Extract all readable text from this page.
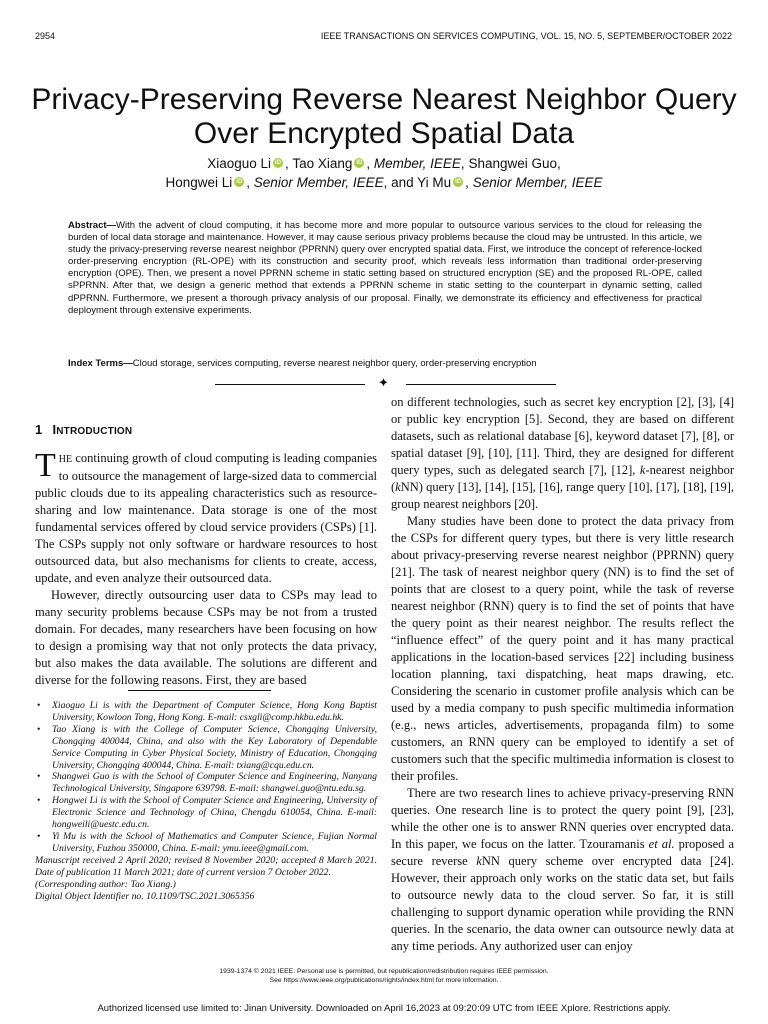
2954	IEEE TRANSACTIONS ON SERVICES COMPUTING, VOL. 15, NO. 5, SEPTEMBER/OCTOBER 2022
Privacy-Preserving Reverse Nearest Neighbor Query Over Encrypted Spatial Data
Xiaoguo Li iD , Tao Xiang iD , Member, IEEE, Shangwei Guo,
Hongwei Li iD , Senior Member, IEEE, and Yi Mu iD , Senior Member, IEEE
Abstract—With the advent of cloud computing, it has become more and more popular to outsource various services to the cloud for releasing the burden of local data storage and maintenance. However, it may cause serious privacy problems because the cloud may be untrusted. In this article, we study the privacy-preserving reverse nearest neighbor (PPRNN) query over encrypted spatial data. First, we introduce the concept of reference-locked order-preserving encryption (RL-OPE) with its construction and security proof, which reveals less information than traditional order-preserving encryption (OPE). Then, we present a novel PPRNN scheme in static setting based on structured encryption (SE) and the proposed RL-OPE, called sPPRNN. After that, we design a generic method that extends a PPRNN scheme in static setting to the counterpart in dynamic setting, called dPPRNN. Furthermore, we present a thorough privacy analysis of our proposal. Finally, we demonstrate its efficiency and effectiveness for practical deployment through extensive experiments.
Index Terms—Cloud storage, services computing, reverse nearest neighbor query, order-preserving encryption
✦
1 INTRODUCTION

THE continuing growth of cloud computing is leading companies to outsource the management of large-sized data to commercial public clouds due to its appealing characteristics such as resource-sharing and low maintenance. Data storage is one of the most fundamental services offered by cloud service providers (CSPs) [1]. The CSPs supply not only software or hardware resources to host outsourced data, but also mechanisms for clients to create, access, update, and even analyze their outsourced data.

However, directly outsourcing user data to CSPs may lead to many security problems because CSPs may be not from a trusted domain. For decades, many researchers have been focusing on how to design a promising way that not only protects the data privacy, but also makes the data available. The solutions are different and diverse for the following reasons. First, they are based

• Xiaoguo Li is with the Department of Computer Science, Hong Kong Baptist University, Kowloon Tong, Hong Kong. E-mail: csxgli@comp.hkbu.edu.hk.
• Tao Xiang is with the College of Computer Science, Chongqing University, Chongqing 400044, China, and also with the Key Laboratory of Dependable Service Computing in Cyber Physical Society, Ministry of Education, Chongqing University, Chongqing 400044, China. E-mail: txiang@cqu.edu.cn.
• Shangwei Guo is with the School of Computer Science and Engineering, Nanyang Technological University, Singapore 639798. E-mail: shangwei.guo@ntu.edu.sg.
• Hongwei Li is with the School of Computer Science and Engineering, University of Electronic Science and Technology of China, Chengdu 610054, China. E-mail: hongweili@uestc.edu.cn.
• Yi Mu is with the School of Mathematics and Computer Science, Fujian Normal University, Fuzhou 350000, China. E-mail: ymu.ieee@gmail.com.

Manuscript received 2 April 2020; revised 8 November 2020; accepted 8 March 2021. Date of publication 11 March 2021; date of current version 7 October 2022.

(Corresponding author: Tao Xiang.)

Digital Object Identifier no. 10.1109/TSC.2021.3065356

on different technologies, such as secret key encryption [2], [3], [4] or public key encryption [5]. Second, they are based on different datasets, such as relational database [6], keyword dataset [7], [8], or spatial dataset [9], [10], [11]. Third, they are designed for different query types, such as delegated search [7], [12], k-nearest neighbor (kNN) query [13], [14], [15], [16], range query [10], [17], [18], [19], group nearest neighbors [20].

Many studies have been done to protect the data privacy from the CSPs for different query types, but there is very little research about privacy-preserving reverse nearest neighbor (PPRNN) query [21]. The task of nearest neighbor query (NN) is to find the set of points that are closest to a query point, while the task of reverse nearest neighbor (RNN) query is to find the set of points that have the query point as their nearest neighbor. The results reflect the “influence effect” of the query point and it has many practical applications in the location-based services [22] including business location planning, taxi dispatching, heat maps drawing, etc. Considering the scenario in customer profile analysis which can be used by a media company to push specific multimedia information (e.g., news articles, advertisements, propaganda film) to some customers, an RNN query can be employed to identify a set of customers such that the specific multimedia information is closest to their profiles.

There are two research lines to achieve privacy-preserving RNN queries. One research line is to protect the query point [9], [23], while the other one is to answer RNN queries over encrypted data. In this paper, we focus on the latter. Tzouramanis et al. proposed a secure reverse kNN query scheme over encrypted data [24]. However, their approach only works on the static data set, but fails to outsource newly data to the cloud server. So far, it is still challenging to support dynamic operation while providing the RNN queries. In the scenario, the data owner can outsource newly data at any time periods. Any authorized user can enjoy

1939-1374 © 2021 IEEE. Personal use is permitted, but republication/redistribution requires IEEE permission.
See https://www.ieee.org/publications/rights/index.html for more information.
Authorized licensed use limited to: Jinan University. Downloaded on April 16,2023 at 09:20:09 UTC from IEEE Xplore. Restrictions apply.
